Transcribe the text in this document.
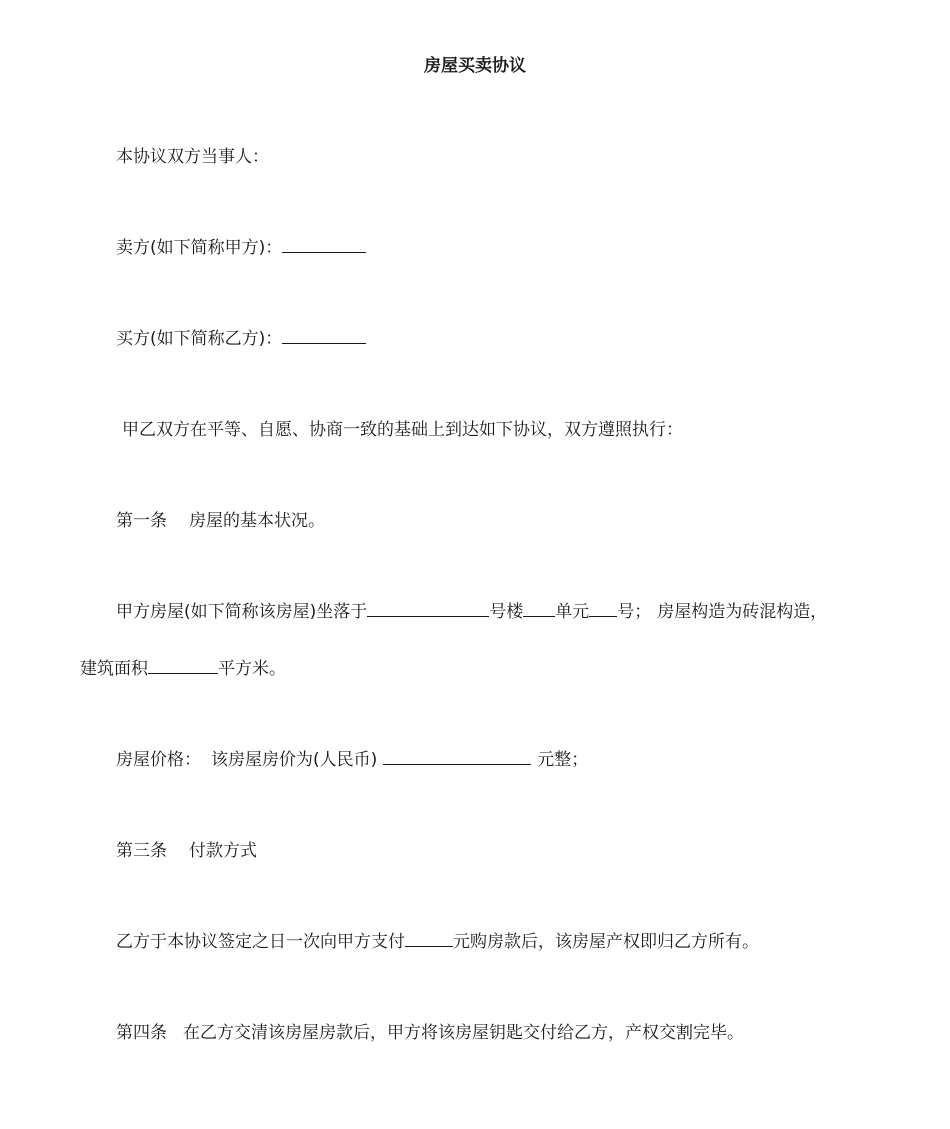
房屋买卖协议
本协议双方当事人：
卖方(如下简称甲方)：
买方(如下简称乙方)：
甲乙双方在平等、自愿、协商一致的基础上到达如下协议，双方遵照执行：
第一条 房屋的基本状况。
甲方房屋(如下简称该房屋)坐落于	号楼 单元 号； 房屋构造为砖混构造，
建筑面积	平方米。
房屋价格： 该房屋房价为(人民币)	元整；
第三条 付款方式
乙方于本协议签定之日一次向甲方支付	元购房款后，该房屋产权即归乙方所有。
第四条 在乙方交清该房屋房款后，甲方将该房屋钥匙交付给乙方，产权交割完毕。
